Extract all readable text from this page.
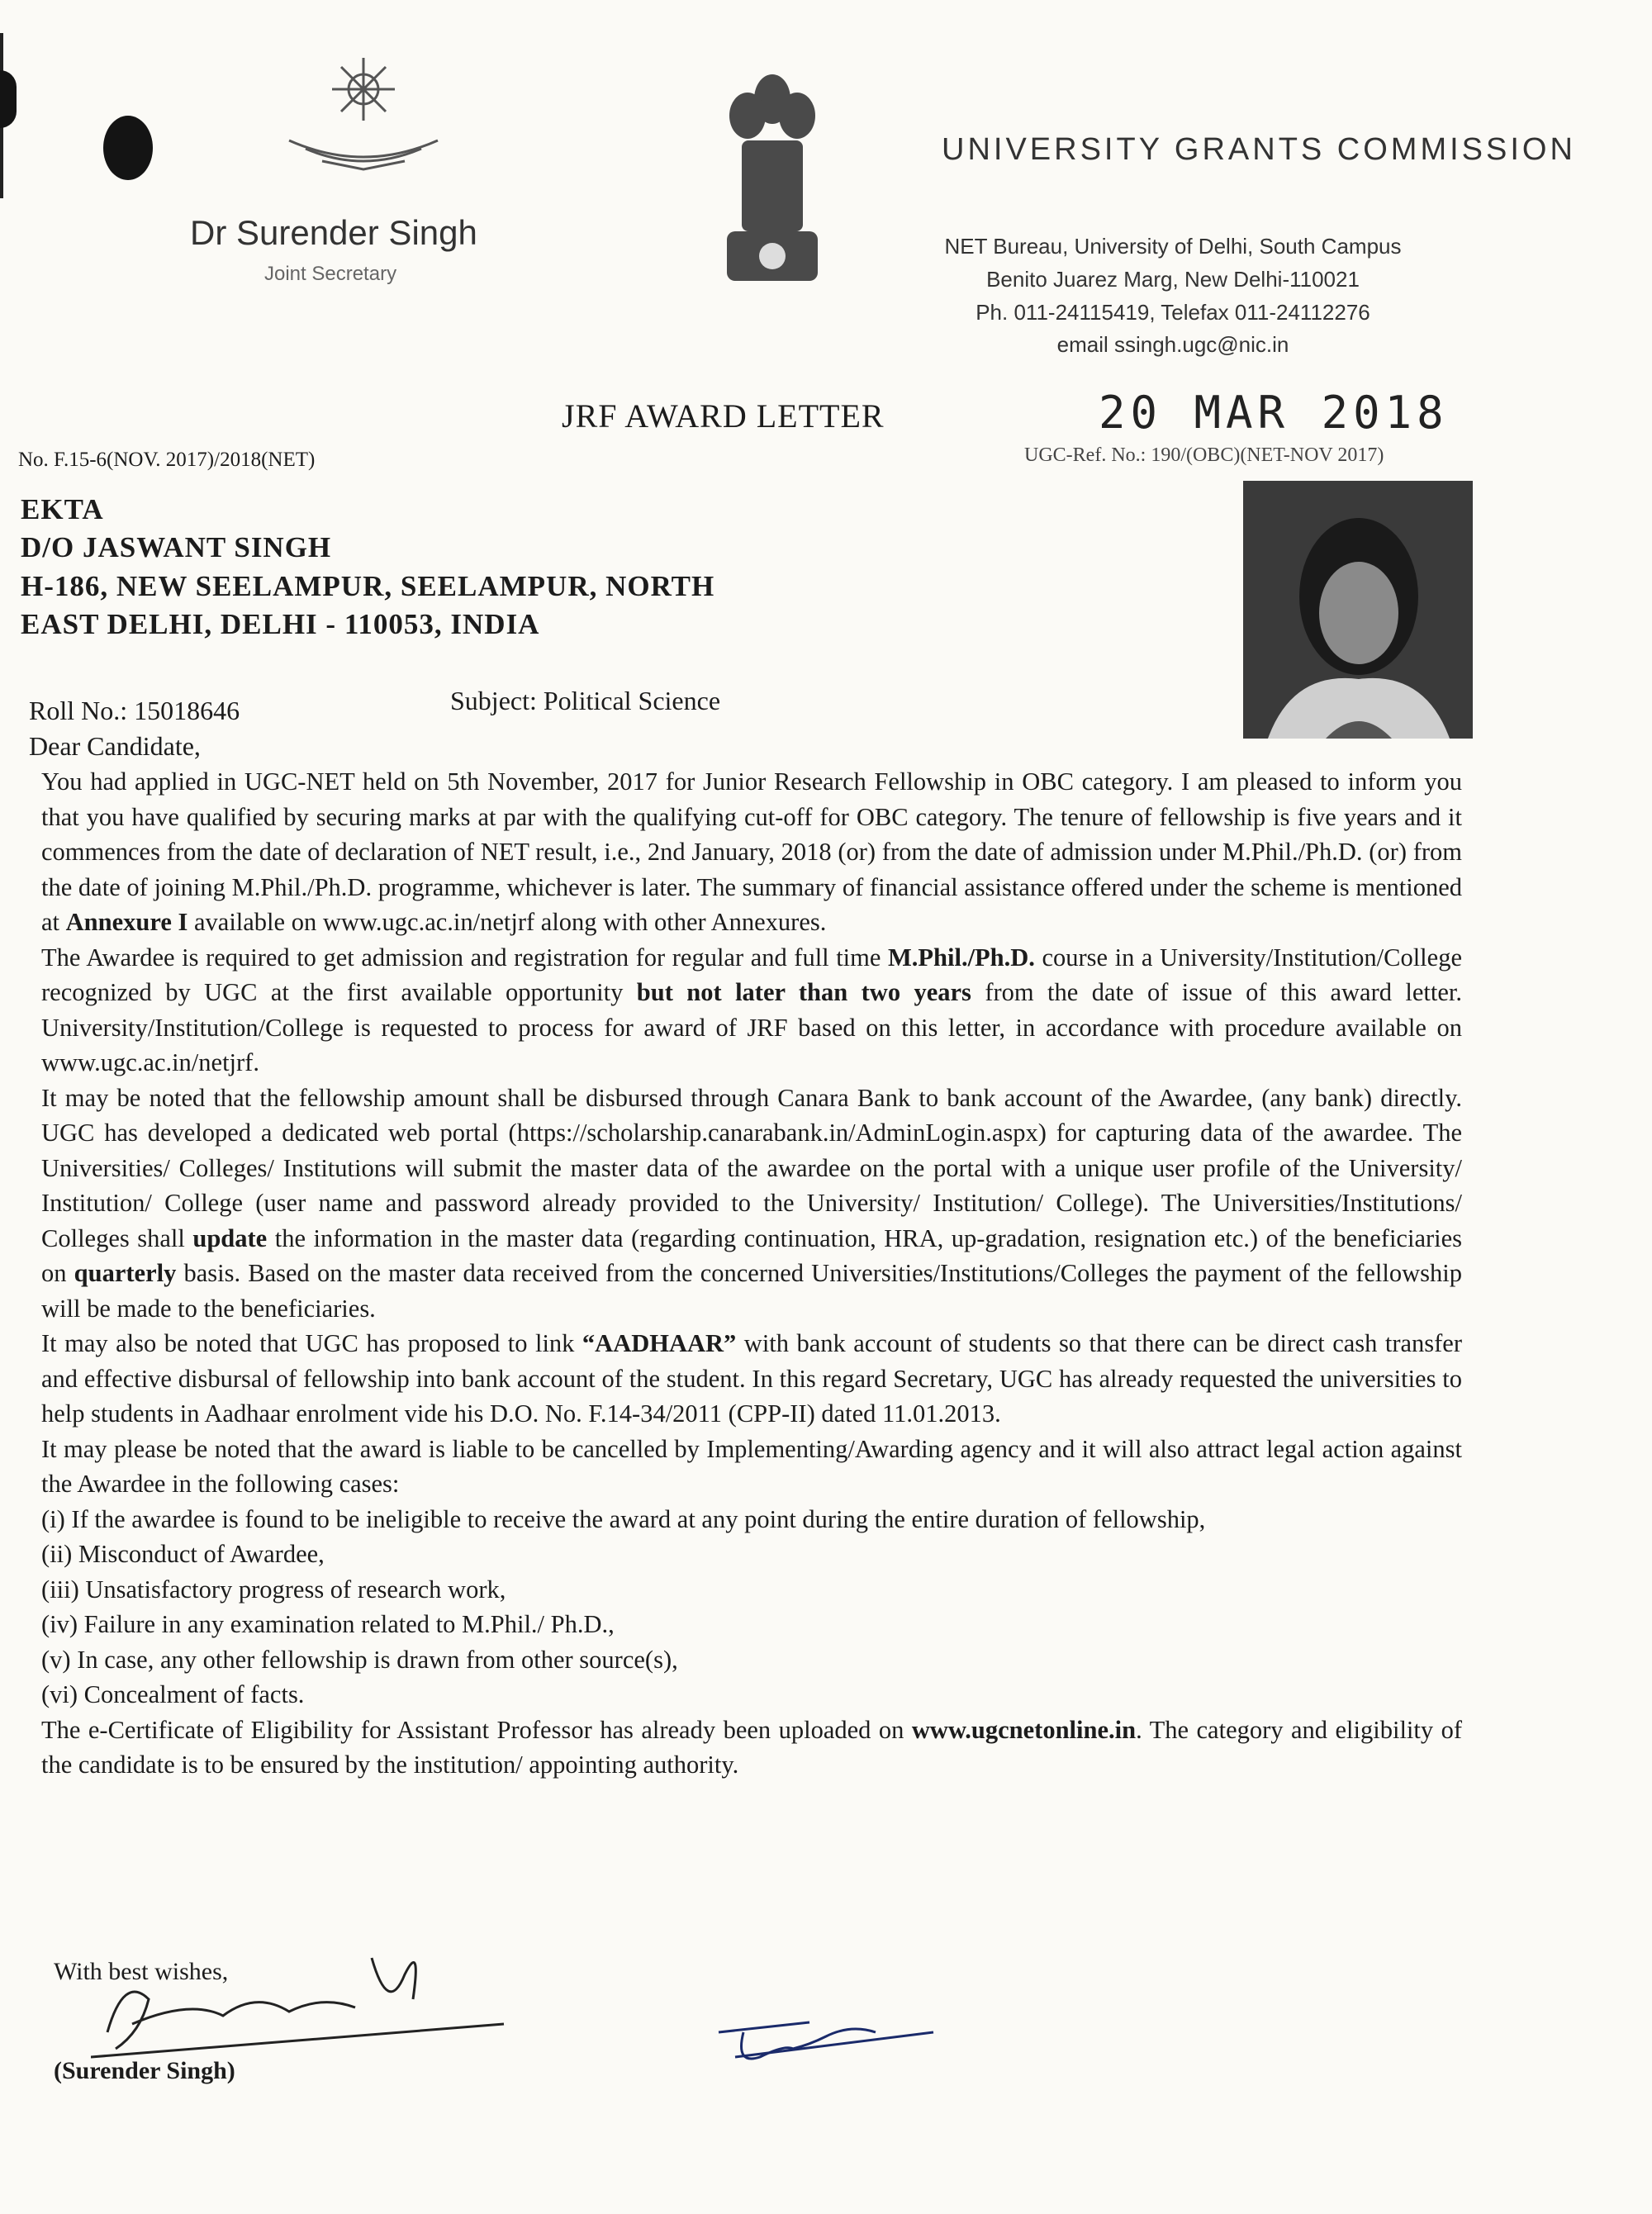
Dr Surender Singh
Joint Secretary
UNIVERSITY GRANTS COMMISSION
NET Bureau, University of Delhi, South Campus
Benito Juarez Marg, New Delhi-110021
Ph. 011-24115419, Telefax 011-24112276
email ssingh.ugc@nic.in
JRF AWARD LETTER	20 MAR 2018
No. F.15-6(NOV. 2017)/2018(NET)	UGC-Ref. No.: 190/(OBC)(NET-NOV 2017)
EKTA
D/O JASWANT SINGH
H-186, NEW SEELAMPUR, SEELAMPUR, NORTH
EAST DELHI, DELHI - 110053, INDIA
Roll No.: 15018646	Subject: Political Science
Dear Candidate,

You had applied in UGC-NET held on 5th November, 2017 for Junior Research Fellowship in OBC category. I am pleased to inform you that you have qualified by securing marks at par with the qualifying cut-off for OBC category. The tenure of fellowship is five years and it commences from the date of declaration of NET result, i.e., 2nd January, 2018 (or) from the date of admission under M.Phil./Ph.D. (or) from the date of joining M.Phil./Ph.D. programme, whichever is later. The summary of financial assistance offered under the scheme is mentioned at Annexure I available on www.ugc.ac.in/netjrf along with other Annexures.

The Awardee is required to get admission and registration for regular and full time M.Phil./Ph.D. course in a University/Institution/College recognized by UGC at the first available opportunity but not later than two years from the date of issue of this award letter. University/Institution/College is requested to process for award of JRF based on this letter, in accordance with procedure available on www.ugc.ac.in/netjrf.

It may be noted that the fellowship amount shall be disbursed through Canara Bank to bank account of the Awardee, (any bank) directly. UGC has developed a dedicated web portal (https://scholarship.canarabank.in/AdminLogin.aspx) for capturing data of the awardee. The Universities/ Colleges/ Institutions will submit the master data of the awardee on the portal with a unique user profile of the University/ Institution/ College (user name and password already provided to the University/ Institution/ College). The Universities/Institutions/ Colleges shall update the information in the master data (regarding continuation, HRA, up-gradation, resignation etc.) of the beneficiaries on quarterly basis. Based on the master data received from the concerned Universities/Institutions/Colleges the payment of the fellowship will be made to the beneficiaries.

It may also be noted that UGC has proposed to link “AADHAAR” with bank account of students so that there can be direct cash transfer and effective disbursal of fellowship into bank account of the student. In this regard Secretary, UGC has already requested the universities to help students in Aadhaar enrolment vide his D.O. No. F.14-34/2011 (CPP-II) dated 11.01.2013.

It may please be noted that the award is liable to be cancelled by Implementing/Awarding agency and it will also attract legal action against the Awardee in the following cases:

(i) If the awardee is found to be ineligible to receive the award at any point during the entire duration of fellowship,
(ii) Misconduct of Awardee,
(iii) Unsatisfactory progress of research work,
(iv) Failure in any examination related to M.Phil./ Ph.D.,
(v) In case, any other fellowship is drawn from other source(s),
(vi) Concealment of facts.

The e-Certificate of Eligibility for Assistant Professor has already been uploaded on www.ugcnetonline.in. The category and eligibility of the candidate is to be ensured by the institution/ appointing authority.

With best wishes,
(Surender Singh)
